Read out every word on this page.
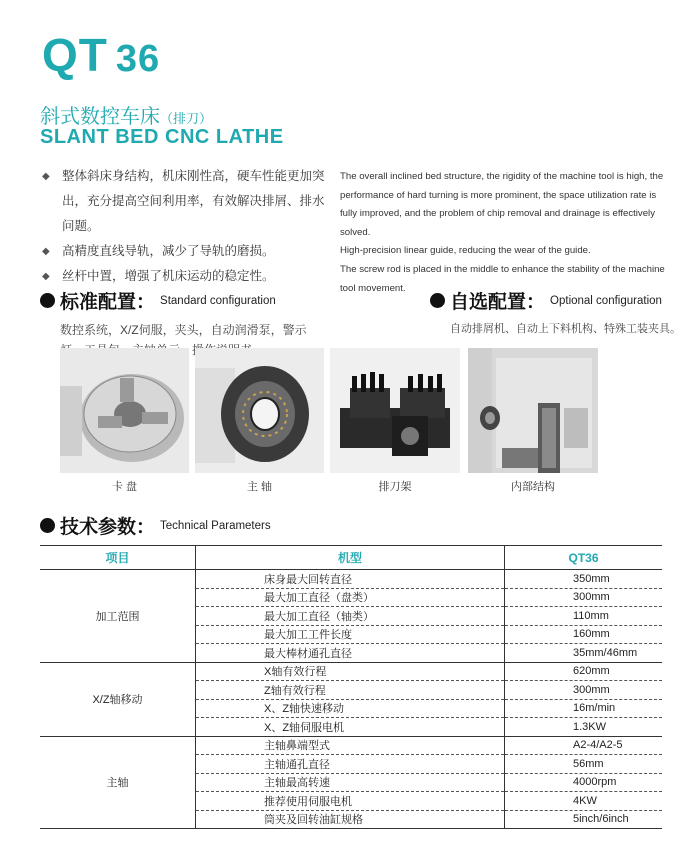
QT 36
斜式数控车床（排刀）
SLANT BED CNC LATHE
◆ 整体斜床身结构，机床刚性高，硬车性能更加突出，充分提高空间利用率，有效解决排屑、排水问题。
◆ 高精度直线导轨，减少了导轨的磨损。
◆ 丝杆中置，增强了机床运动的稳定性。
The overall inclined bed structure, the rigidity of the machine tool is high, the performance of hard turning is more prominent, the space utilization rate is fully improved, and the problem of chip removal and drainage is effectively solved.
High-precision linear guide, reducing the wear of the guide.
The screw rod is placed in the middle to enhance the stability of the machine tool movement.
标准配置 ： Standard configuration
数控系统，X/Z伺服，夹头，自动润滑泵，警示 ，操
自选配置 ： Optional configuration
自动排屑机、自动上下料机构、特殊工装夹具。
卡 盘	主 轴	排刀架	内部结构
技术参数 ： Technical Parameters
项目	机型	QT36
加工范围	床身最大回转直径	350mm
	最大加工直径（盘类）	300mm
	最大加工直径（轴类）	110mm
	最大加工工件长度	160mm
	最大棒材通孔直径	35mm/46mm
X/Z轴移动	X轴有效行程	620mm
	Z轴有效行程	300mm
	X、Z轴快速移动	16m/min
	X、Z轴伺服电机	1.3KW
主轴	主轴鼻端型式	A2-4/A2-5
	主轴通孔直径	56mm
	主轴最高转速	4000rpm
	推荐使用伺服电机	4KW
	筒夹及回转油缸规格	5inch/6inch
